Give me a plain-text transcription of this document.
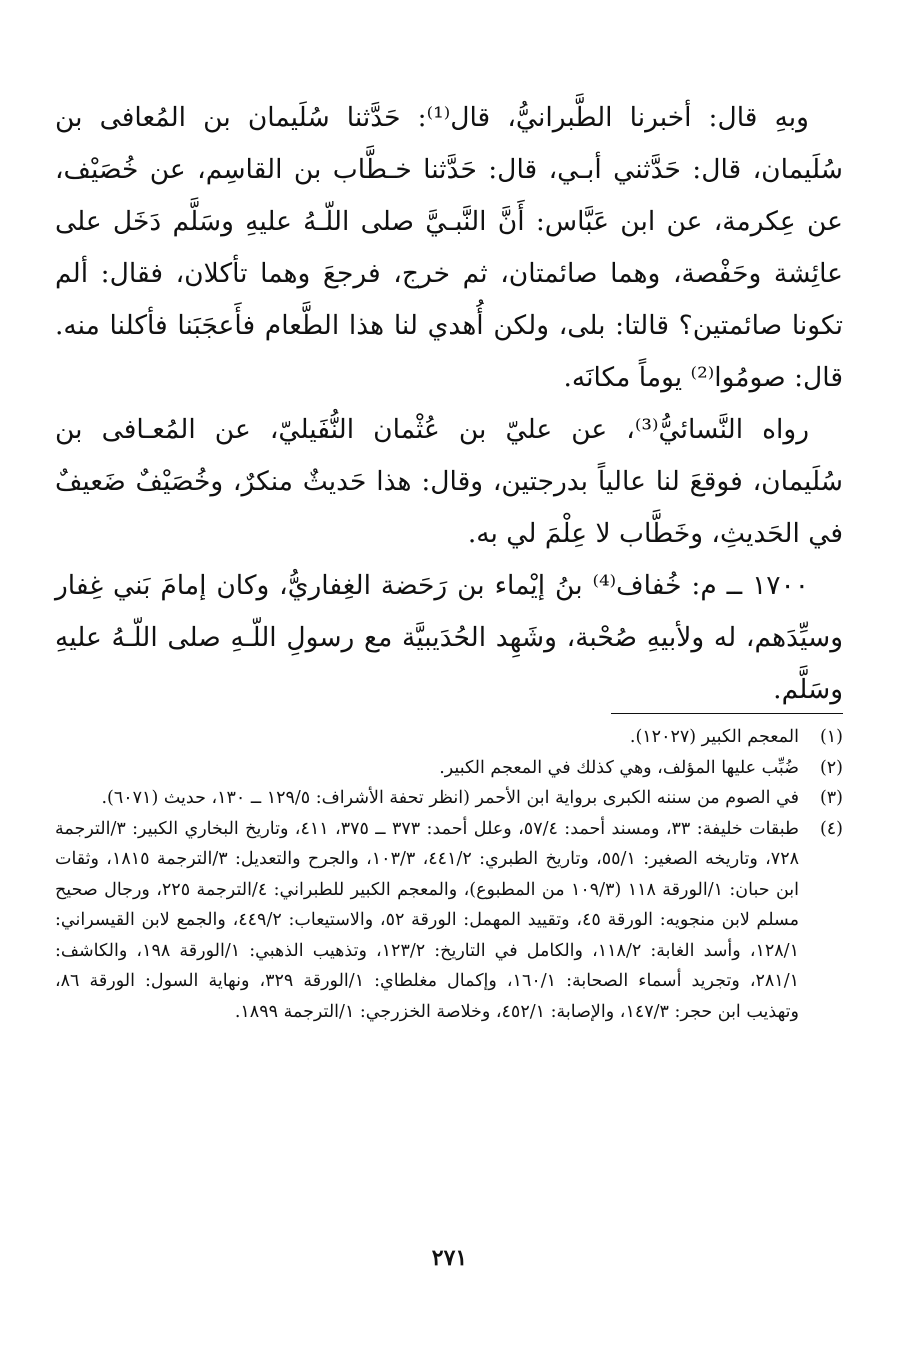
وبهِ قال: أخبرنا الطَّبرانيُّ، قال⁽¹⁾: حَدَّثنا سُلَيمان بن المُعافى بن سُلَيمان، قال: حَدَّثني أبـي، قال: حَدَّثنا خـطَّاب بن القاسِم، عن خُصَيْف، عن عِكرمة، عن ابن عَبَّاس: أَنَّ النَّبـيَّ صلى اللّـهُ عليهِ وسَلَّم دَخَل على عائِشة وحَفْصة، وهما صائمتان، ثم خرج، فرجعَ وهما تأكلان، فقال: ألم تكونا صائمتين؟ قالتا: بلى، ولكن أُهدي لنا هذا الطَّعام فأَعجَبَنا فأكلنا منه. قال: صومُوا⁽²⁾ يوماً مكانَه.

رواه النَّسائيُّ⁽³⁾، عن عليّ بن عُثْمان النُّفَيليّ، عن المُعـافى بن سُلَيمان، فوقعَ لنا عالياً بدرجتين، وقال: هذا حَديثٌ منكرٌ، وخُصَيْفٌ ضَعيفٌ في الحَديثِ، وخَطَّاب لا عِلْمَ لي به.

١٧٠٠ ــ م: خُفاف⁽⁴⁾ بنُ إيْماء بن رَحَضة الغِفاريُّ، وكان إمامَ بَني غِفار وسيِّدَهم، له ولأبيهِ صُحْبة، وشَهِد الحُدَيبيَّة مع رسولِ اللّـهِ صلى اللّـهُ عليهِ وسَلَّم.

(١)
المعجم الكبير (١٢٠٢٧).
(٢)
ضُبِّب عليها المؤلف، وهي كذلك في المعجم الكبير.
(٣)
في الصوم من سننه الكبرى برواية ابن الأحمر (انظر تحفة الأشراف: ١٢٩/٥ ــ ١٣٠، حديث (٦٠٧١).
(٤)
طبقات خليفة: ٣٣، ومسند أحمد: ٥٧/٤، وعلل أحمد: ٣٧٣ ــ ٣٧٥، ٤١١، وتاريخ البخاري الكبير: ٣/الترجمة ٧٢٨، وتاريخه الصغير: ٥٥/١، وتاريخ الطبري: ٤٤١/٢، ١٠٣/٣، والجرح والتعديل: ٣/الترجمة ١٨١٥، وثقات ابن حبان: ١/الورقة ١١٨ (١٠٩/٣ من المطبوع)، والمعجم الكبير للطبراني: ٤/الترجمة ٢٢٥، ورجال صحيح مسلم لابن منجويه: الورقة ٤٥، وتقييد المهمل: الورقة ٥٢، والاستيعاب: ٤٤٩/٢، والجمع لابن القيسراني: ١٢٨/١، وأسد الغابة: ١١٨/٢، والكامل في التاريخ: ١٢٣/٢، وتذهيب الذهبي: ١/الورقة ١٩٨، والكاشف: ٢٨١/١، وتجريد أسماء الصحابة: ١٦٠/١، وإكمال مغلطاي: ١/الورقة ٣٢٩، ونهاية السول: الورقة ٨٦، وتهذيب ابن حجر: ١٤٧/٣، والإصابة: ٤٥٢/١، وخلاصة الخزرجي: ١/الترجمة ١٨٩٩.
٢٧١
